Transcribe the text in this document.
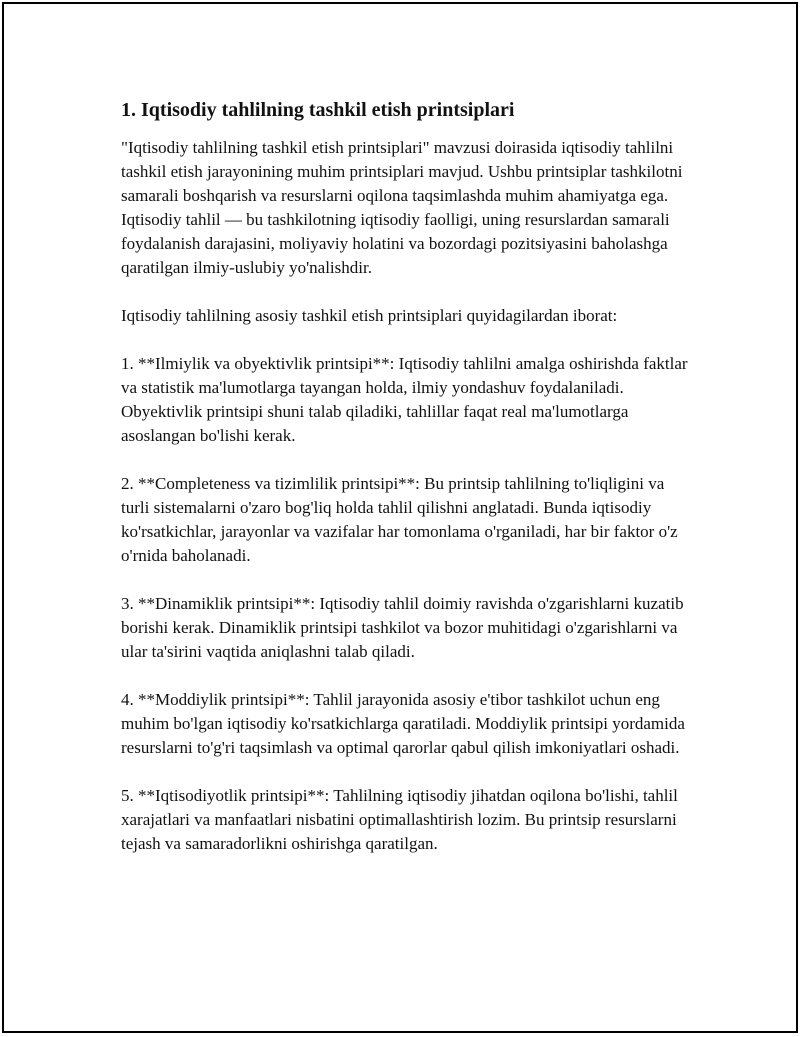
1. Iqtisodiy tahlilning tashkil etish printsiplari

"Iqtisodiy tahlilning tashkil etish printsiplari" mavzusi doirasida iqtisodiy tahlilni tashkil etish jarayonining muhim printsiplari mavjud. Ushbu printsiplar tashkilotni samarali boshqarish va resurslarni oqilona taqsimlashda muhim ahamiyatga ega. Iqtisodiy tahlil — bu tashkilotning iqtisodiy faolligi, uning resurslardan samarali foydalanish darajasini, moliyaviy holatini va bozordagi pozitsiyasini baholashga qaratilgan ilmiy-uslubiy yo'nalishdir.

Iqtisodiy tahlilning asosiy tashkil etish printsiplari quyidagilardan iborat:

1. **Ilmiylik va obyektivlik printsipi**: Iqtisodiy tahlilni amalga oshirishda faktlar va statistik ma'lumotlarga tayangan holda, ilmiy yondashuv foydalaniladi. Obyektivlik printsipi shuni talab qiladiki, tahlillar faqat real ma'lumotlarga asoslangan bo'lishi kerak.

2. **Completeness va tizimlilik printsipi**: Bu printsip tahlilning to'liqligini va turli sistemalarni o'zaro bog'liq holda tahlil qilishni anglatadi. Bunda iqtisodiy ko'rsatkichlar, jarayonlar va vazifalar har tomonlama o'rganiladi, har bir faktor o'z o'rnida baholanadi.

3. **Dinamiklik printsipi**: Iqtisodiy tahlil doimiy ravishda o'zgarishlarni kuzatib borishi kerak. Dinamiklik printsipi tashkilot va bozor muhitidagi o'zgarishlarni va ular ta'sirini vaqtida aniqlashni talab qiladi.

4. **Moddiylik printsipi**: Tahlil jarayonida asosiy e'tibor tashkilot uchun eng muhim bo'lgan iqtisodiy ko'rsatkichlarga qaratiladi. Moddiylik printsipi yordamida resurslarni to'g'ri taqsimlash va optimal qarorlar qabul qilish imkoniyatlari oshadi.

5. **Iqtisodiyotlik printsipi**: Tahlilning iqtisodiy jihatdan oqilona bo'lishi, tahlil xarajatlari va manfaatlari nisbatini optimallashtirish lozim. Bu printsip resurslarni tejash va samaradorlikni oshirishga qaratilgan.
